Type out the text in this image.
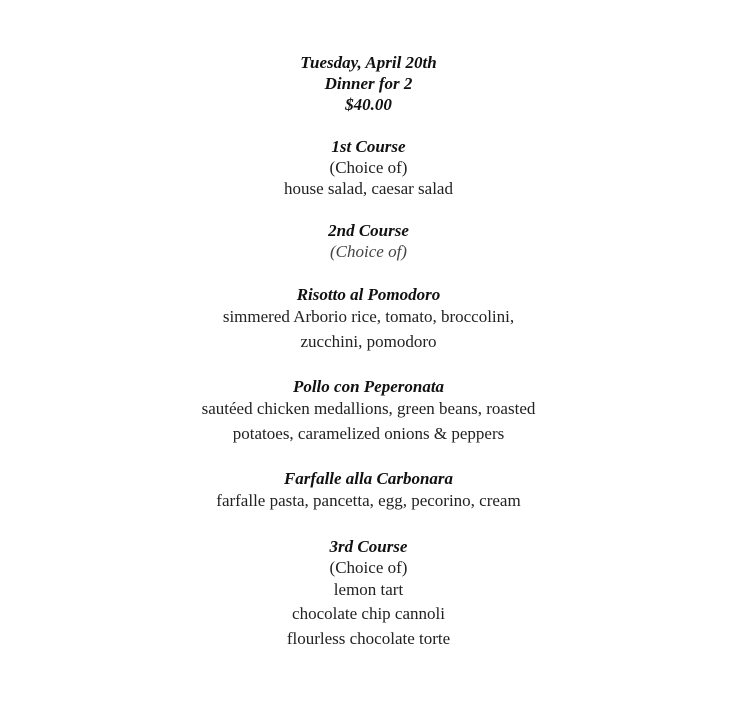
Tuesday, April 20th
Dinner for 2
$40.00
1st Course
(Choice of)
house salad, caesar salad
2nd Course
(Choice of)
Risotto al Pomodoro
simmered Arborio rice, tomato, broccolini,
zucchini, pomodoro
Pollo con Peperonata
sautéed chicken medallions, green beans, roasted
potatoes, caramelized onions & peppers
Farfalle alla Carbonara
farfalle pasta, pancetta, egg, pecorino, cream
3rd Course
(Choice of)
lemon tart
chocolate chip cannoli
flourless chocolate torte
